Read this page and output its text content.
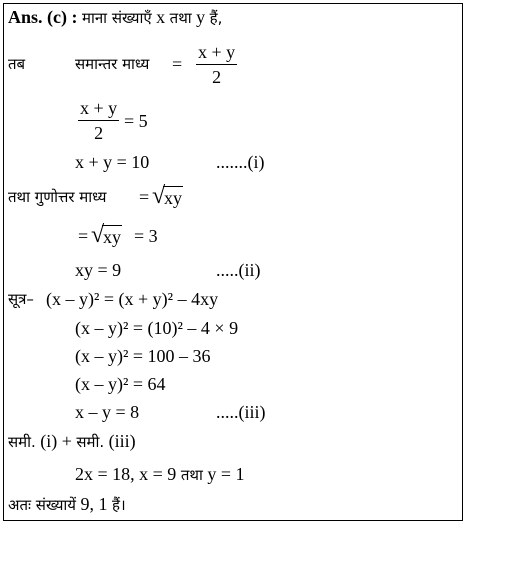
Ans. (c) : माना संख्याएँ x तथा y हैं,
तब	समान्तर माध्य = $\frac{x + y}{2}$
$\frac{x + y}{2} = 5$
x + y = 10	.......(i)
तथा गुणोत्तर माध्य = √
xy
= √
xy = 3
xy = 9	.....(ii)
सूत्र– (x – y)² = (x + y)² – 4xy
(x – y)² = (10)² – 4 × 9
(x – y)² = 100 – 36
(x – y)² = 64
x – y = 8	.....(iii)
समी. (i) + समी. (iii)
2x = 18, x = 9 तथा y = 1
अतः संख्यायें 9, 1 हैं।
